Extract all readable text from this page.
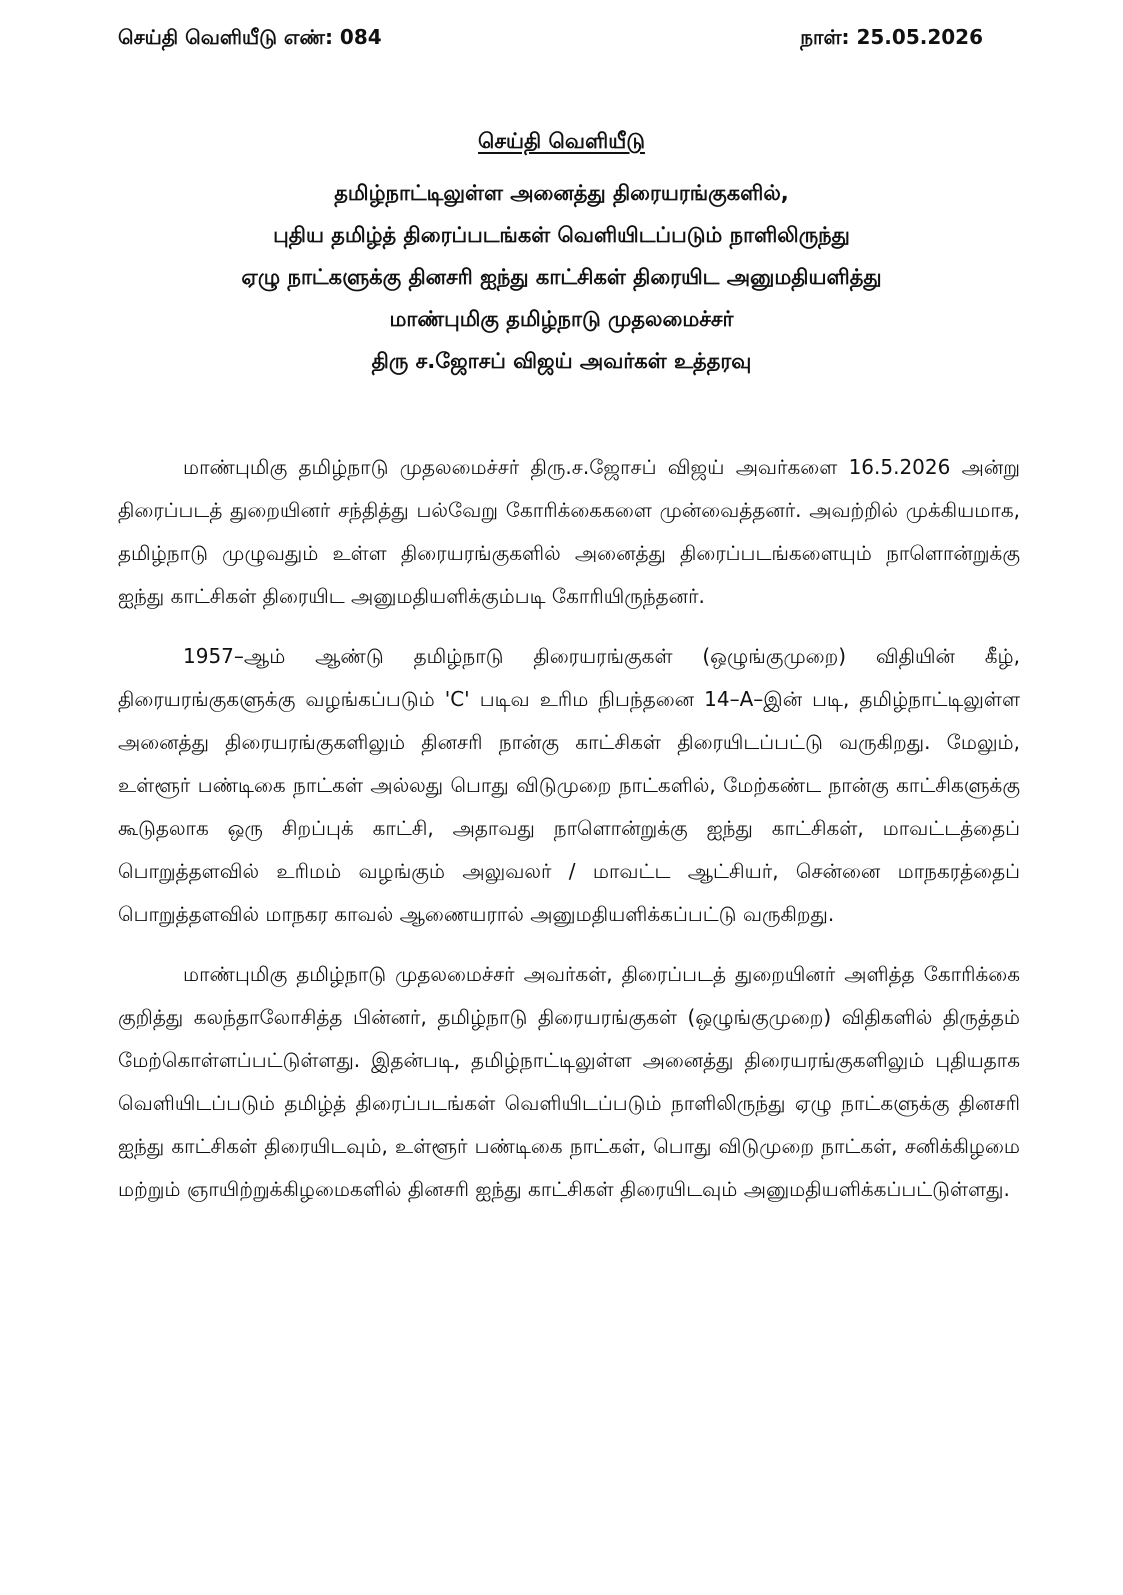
செய்தி வெளியீடு எண்: 084	நாள்: 25.05.2026
செய்தி வெளியீடு
தமிழ்நாட்டிலுள்ள அனைத்து திரையரங்குகளில்,
புதிய தமிழ்த் திரைப்படங்கள் வெளியிடப்படும் நாளிலிருந்து
ஏழு நாட்களுக்கு தினசரி ஐந்து காட்சிகள் திரையிட அனுமதியளித்து
மாண்புமிகு தமிழ்நாடு முதலமைச்சர்
திரு ச.ஜோசப் விஜய் அவர்கள் உத்தரவு

மாண்புமிகு தமிழ்நாடு முதலமைச்சர் திரு.ச.ஜோசப் விஜய் அவர்களை 16.5.2026 அன்று திரைப்படத் துறையினர் சந்தித்து பல்வேறு கோரிக்கைகளை முன்வைத்தனர். அவற்றில் முக்கியமாக, தமிழ்நாடு முழுவதும் உள்ள திரையரங்குகளில் அனைத்து திரைப்படங்களையும் நாளொன்றுக்கு ஐந்து காட்சிகள் திரையிட அனுமதியளிக்கும்படி கோரியிருந்தனர்.

1957–ஆம் ஆண்டு தமிழ்நாடு திரையரங்குகள் (ஒழுங்குமுறை) விதியின் கீழ், திரையரங்குகளுக்கு வழங்கப்படும் 'C' படிவ உரிம நிபந்தனை 14–A–இன் படி, தமிழ்நாட்டிலுள்ள அனைத்து திரையரங்குகளிலும் தினசரி நான்கு காட்சிகள் திரையிடப்பட்டு வருகிறது. மேலும், உள்ளூர் பண்டிகை நாட்கள் அல்லது பொது விடுமுறை நாட்களில், மேற்கண்ட நான்கு காட்சிகளுக்கு கூடுதலாக ஒரு சிறப்புக் காட்சி, அதாவது நாளொன்றுக்கு ஐந்து காட்சிகள், மாவட்டத்தைப் பொறுத்தளவில் உரிமம் வழங்கும் அலுவலர் / மாவட்ட ஆட்சியர், சென்னை மாநகரத்தைப் பொறுத்தளவில் மாநகர காவல் ஆணையரால் அனுமதியளிக்கப்பட்டு வருகிறது.

மாண்புமிகு தமிழ்நாடு முதலமைச்சர் அவர்கள், திரைப்படத் துறையினர் அளித்த கோரிக்கை குறித்து கலந்தாலோசித்த பின்னர், தமிழ்நாடு திரையரங்குகள் (ஒழுங்குமுறை) விதிகளில் திருத்தம் மேற்கொள்ளப்பட்டுள்ளது. இதன்படி, தமிழ்நாட்டிலுள்ள அனைத்து திரையரங்குகளிலும் புதியதாக வெளியிடப்படும் தமிழ்த் திரைப்படங்கள் வெளியிடப்படும் நாளிலிருந்து ஏழு நாட்களுக்கு தினசரி ஐந்து காட்சிகள் திரையிடவும், உள்ளூர் பண்டிகை நாட்கள், பொது விடுமுறை நாட்கள், சனிக்கிழமை மற்றும் ஞாயிற்றுக்கிழமைகளில் தினசரி ஐந்து காட்சிகள் திரையிடவும் அனுமதியளிக்கப்பட்டுள்ளது.
